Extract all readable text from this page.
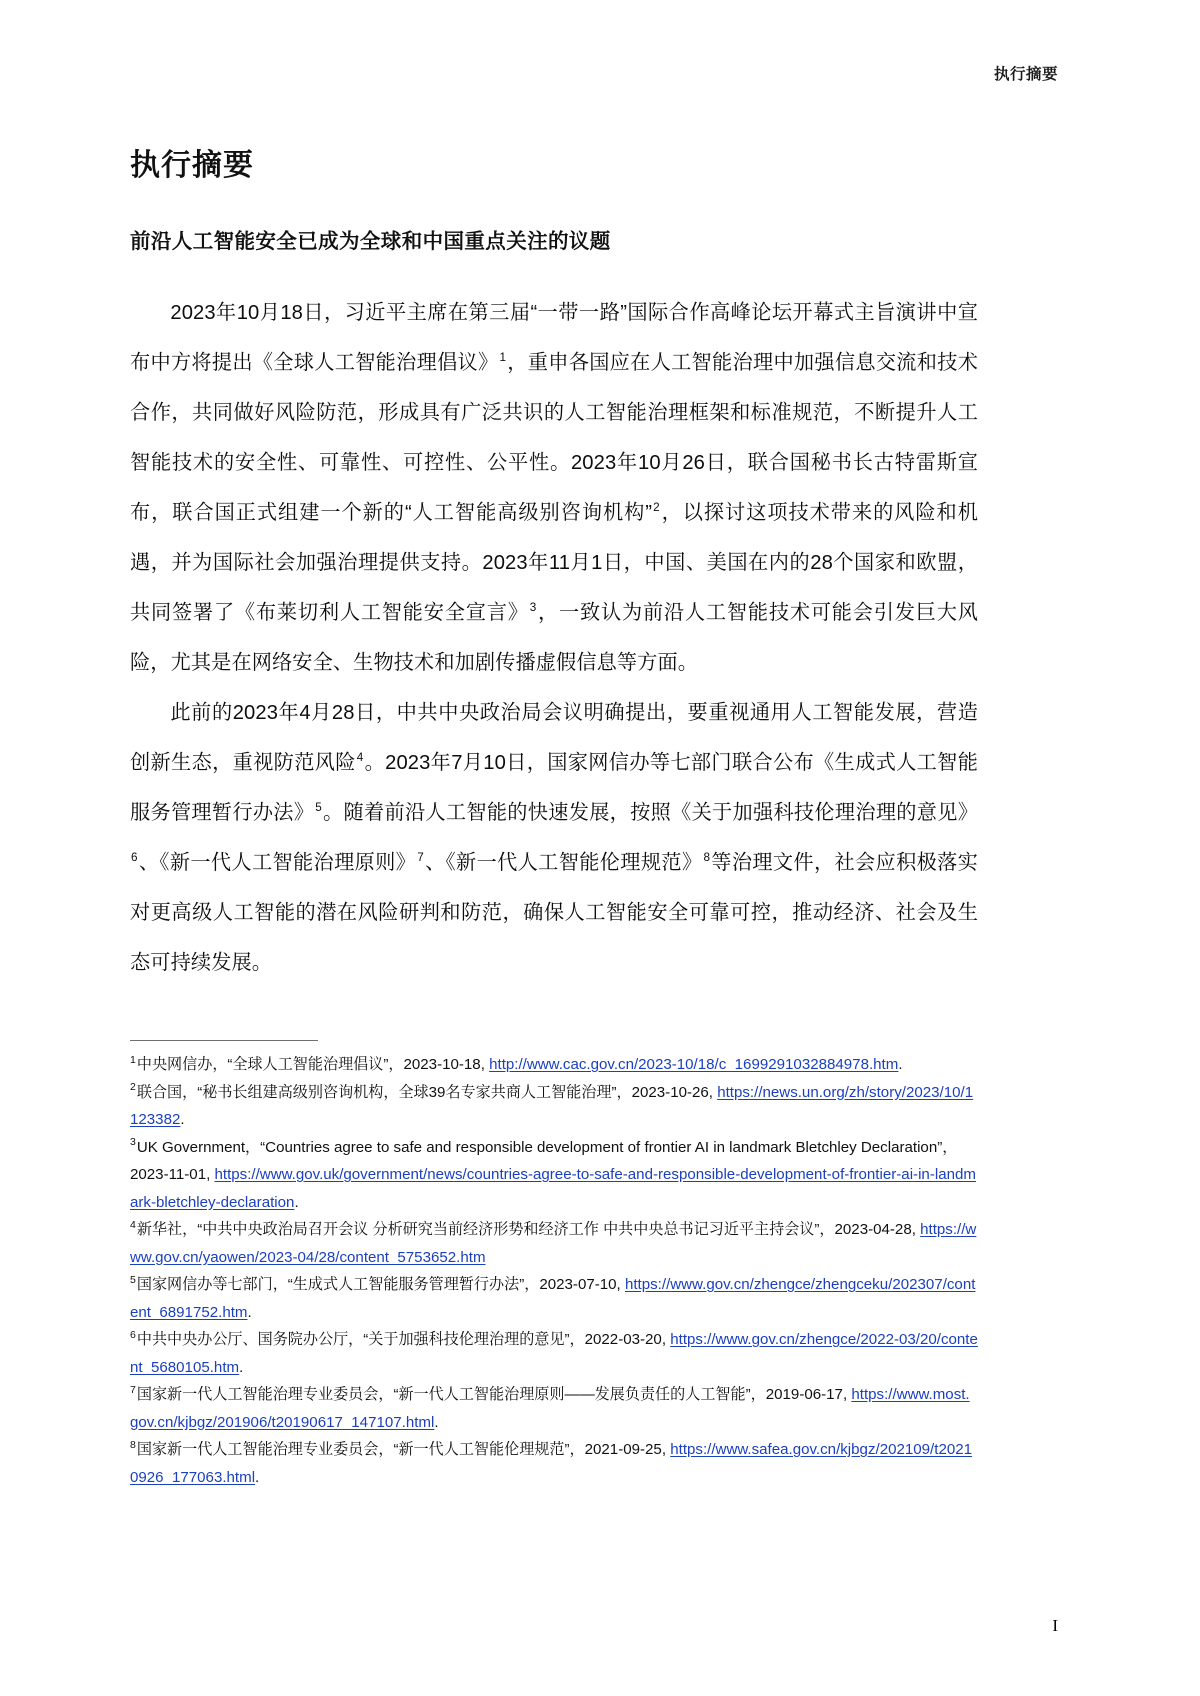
执行摘要
执行摘要
前沿人工智能安全已成为全球和中国重点关注的议题

2023年10月18日，习近平主席在第三届“一带一路”国际合作高峰论坛开幕式主旨演讲中宣布中方将提出《全球人工智能治理倡议》$^1$，重申各国应在人工智能治理中加强信息交流和技术合作，共同做好风险防范，形成具有广泛共识的人工智能治理框架和标准规范，不断提升人工智能技术的安全性、可靠性、可控性、公平性。2023年10月26日，联合国秘书长古特雷斯宣布，联合国正式组建一个新的“人工智能高级别咨询机构”$^2$，以探讨这项技术带来的风险和机遇，并为国际社会加强治理提供支持。2023年11月1日，中国、美国在内的28个国家和欧盟，共同签署了《布莱切利人工智能安全宣言》$^3$，一致认为前沿人工智能技术可能会引发巨大风险，尤其是在网络安全、生物技术和加剧传播虚假信息等方面。

此前的2023年4月28日，中共中央政治局会议明确提出，要重视通用人工智能发展，营造创新生态，重视防范风险$^4$。2023年7月10日，国家网信办等七部门联合公布《生成式人工智能服务管理暂行办法》$^5$。随着前沿人工智能的快速发展，按照《关于加强科技伦理治理的意见》$^6$、《新一代人工智能治理原则》$^7$、《新一代人工智能伦理规范》$^8$等治理文件，社会应积极落实对更高级人工智能的潜在风险研判和防范，确保人工智能安全可靠可控，推动经济、社会及生态可持续发展。

$^1$中央网信办，“全球人工智能治理倡议”，2023-10-18, http://www.cac.gov.cn/2023-10/18/c_1699291032884978.htm.
$^2$联合国，“秘书长组建高级别咨询机构，全球39名专家共商人工智能治理”，2023-10-26, https://news.un.org/zh/story/2023/10/1123382.
$^3$UK Government，“Countries agree to safe and responsible development of frontier AI in landmark Bletchley Declaration”，2023-11-01, https://www.gov.uk/government/news/countries-agree-to-safe-and-responsible-development-of-frontier-ai-in-landmark-bletchley-declaration.
$^4$新华社，“中共中央政治局召开会议 分析研究当前经济形势和经济工作 中共中央总书记习近平主持会议”，2023-04-28, https://www.gov.cn/yaowen/2023-04/28/content_5753652.htm
$^5$国家网信办等七部门，“生成式人工智能服务管理暂行办法”，2023-07-10, https://www.gov.cn/zhengce/zhengceku/202307/content_6891752.htm.
$^6$中共中央办公厅、国务院办公厅，“关于加强科技伦理治理的意见”，2022-03-20, https://www.gov.cn/zhengce/2022-03/20/content_5680105.htm.
$^7$国家新一代人工智能治理专业委员会，“新一代人工智能治理原则——发展负责任的人工智能”，2019-06-17, https://www.most.gov.cn/kjbgz/201906/t20190617_147107.html.
$^8$国家新一代人工智能治理专业委员会，“新一代人工智能伦理规范”，2021-09-25, https://www.safea.gov.cn/kjbgz/202109/t20210926_177063.html.
I
